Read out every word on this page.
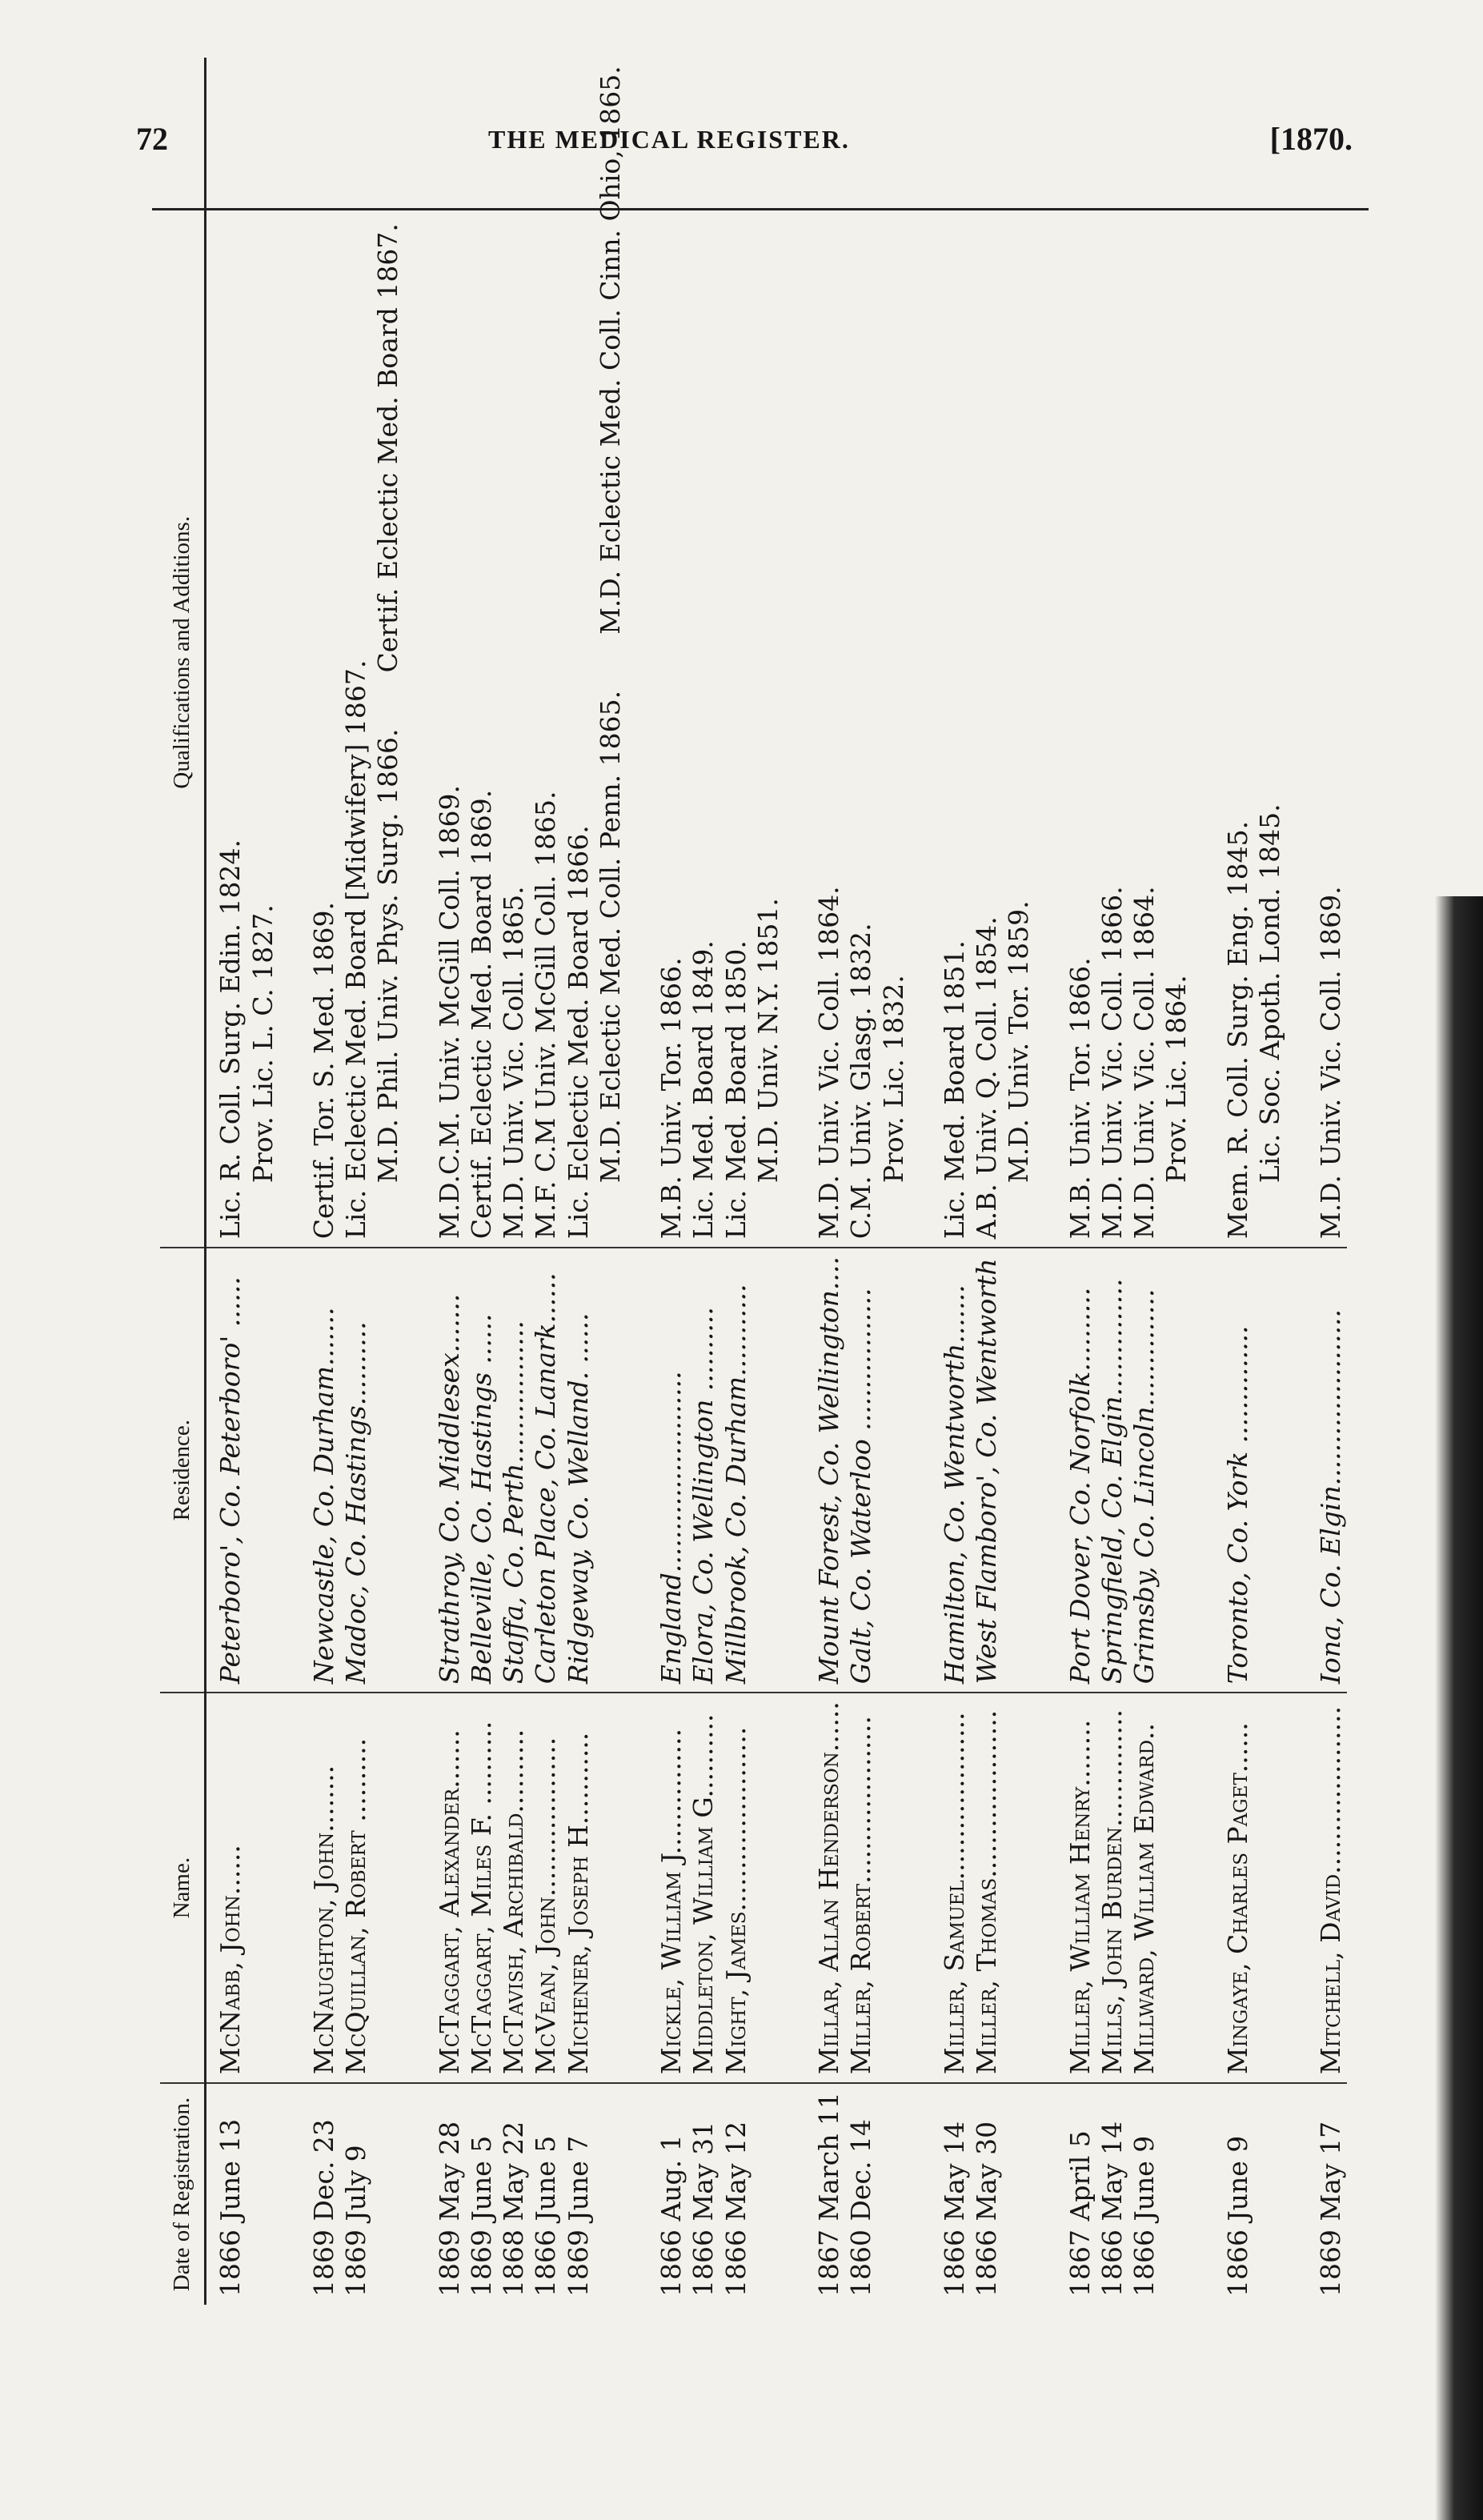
72	THE MEDICAL REGISTER.	[1870.
Date of Registration.	Name.	Residence.	Qualifications and Additions.
1866 June 13	McNabb, John......	Peterboro', Co. Peterboro' ......	Lic. R. Coll. Surg. Edin. 1824. Prov. Lic. L. C. 1827.
1869 Dec. 23	McNaughton, John........	Newcastle, Co. Durham.......	Certif. Tor. S. Med. 1869.

1869 July 9	McQuillan, Robert ..........	Madoc, Co. Hastings..........	Lic. Eclectic Med. Board [Midwifery] 1867. M.D. Phil. Univ. Phys. Surg. 1866.Certif. Eclectic Med. Board 1867.
1869 May 28	McTaggart, Alexander.......	Strathroy, Co. Middlesex.......	M.D.C.M. Univ. McGill Coll. 1869.

1869 June 5	McTaggart, Miles F. ..........	Belleville, Co. Hastings ......	Certif. Eclectic Med. Board 1869.

1868 May 22	McTavish, Archibald..........	Staffa, Co. Perth.................	M.D. Univ. Vic. Coll. 1865.

1866 June 5	McVean, John...................	Carleton Place, Co. Lanark......	M.F. C.M Univ. McGill Coll. 1865.

1869 June 7	Michener, Joseph H...........	Ridgeway, Co. Welland. ......	Lic. Eclectic Med. Board 1866. M.D. Eclectic Med. Coll. Penn. 1865.M.D. Eclectic Med. Coll. Cinn. Ohio, 1865.
1866 Aug. 1	Mickle, William J...............	England........................	M.B. Univ. Tor. 1866.

1866 May 31	Middleton, William G..........	Elora, Co. Wellington ..........	Lic. Med. Board 1849.

1866 May 12	Might, James......................	Millbrook, Co. Durham...........	Lic. Med. Board 1850. M.D. Univ. N.Y. 1851.
1867 March 11	Millar, Allan Henderson......	Mount Forest, Co. Wellington....	M.D. Univ. Vic. Coll. 1864.

1860 Dec. 14	Miller, Robert....................	Galt, Co. Waterloo .................	C.M. Univ. Glasg. 1832. Prov. Lic. 1832.
1866 May 14	Miller, Samuel....................	Hamilton, Co. Wentworth.......	Lic. Med. Board 1851.

1866 May 30	Miller, Thomas....................	West Flamboro', Co. Wentworth	A.B. Univ. Q. Coll. 1854. M.D. Univ. Tor. 1859.
1867 April 5	Miller, William Henry........	Port Dover, Co. Norfolk..........	M.B. Univ. Tor. 1866.

1866 May 14	Mills, John Burden..............	Springfield, Co. Elgin..............	M.D. Univ. Vic. Coll. 1866.

1866 June 9	Millward, William Edward..	Grimsby, Co. Lincoln..............	M.D. Univ. Vic. Coll. 1864. Prov. Lic. 1864.
1866 June 9	Mingaye, Charles Paget......	Toronto, Co. York ..............	Mem. R. Coll. Surg. Eng. 1845. Lic. Soc. Apoth. Lond. 1845.
1869 May 17	Mitchell, David....................	Iona, Co. Elgin.....................	M.D. Univ. Vic. Coll. 1869.
